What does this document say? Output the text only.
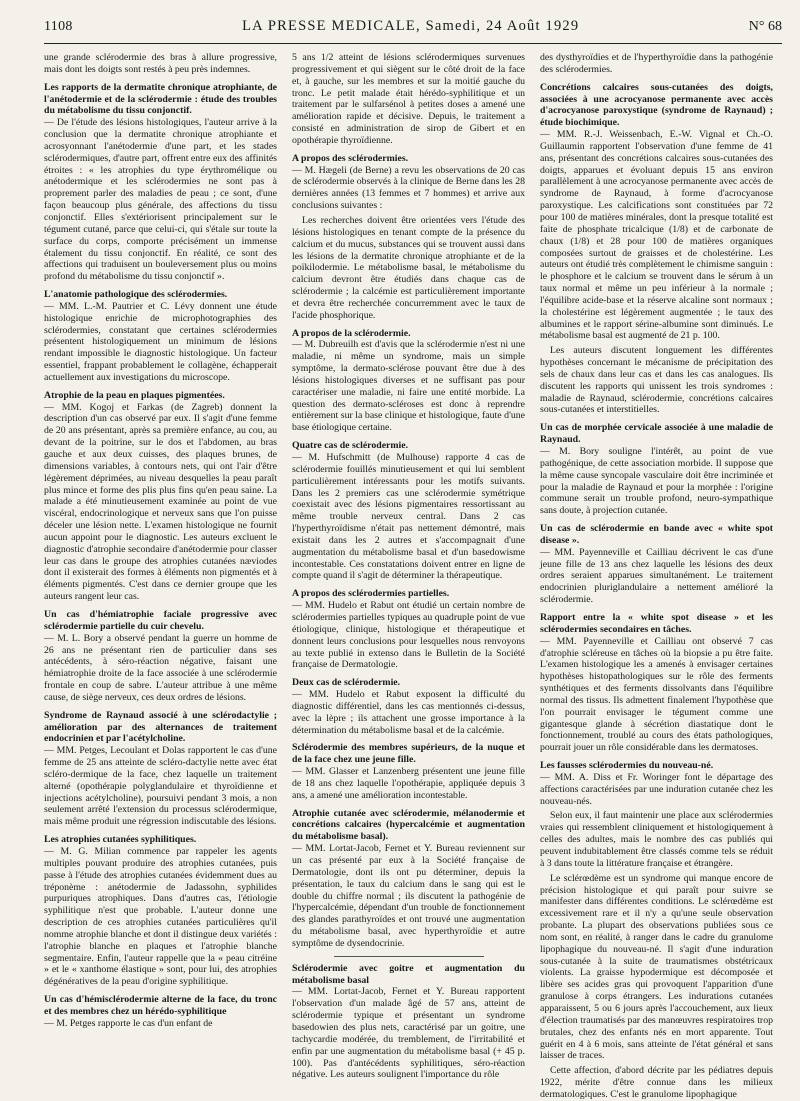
1108	LA PRESSE MEDICALE, Samedi, 24 Août 1929	N° 68

une grande sclérodermie des bras à allure progressive, mais dont les doigts sont restés à peu près indemnes.

Les rapports de la dermatite chronique atrophiante, de l'anétodermie et de la sclérodermie : étude des troubles du métabolisme du tissu conjonctif.

— De l'étude des lésions histologiques, l'auteur arrive à la conclusion que la dermatite chronique atrophiante et acrosyonnant l'anétodermie d'une part, et les stades sclérodermiques, d'autre part, offrent entre eux des affinités étroites : « les atrophies du type érythromélique ou anétodermique et les sclérodermies ne sont pas à proprement parler des maladies de peau ; ce sont, d'une façon beaucoup plus générale, des affections du tissu conjonctif. Elles s'extériorisent principalement sur le tégument cutané, parce que celui-ci, qui s'étale sur toute la surface du corps, comporte précisément un immense étalement du tissu conjonctif. En réalité, ce sont des affections qui traduisent un bouleversement plus ou moins profond du métabolisme du tissu conjonctif ».

L'anatomie pathologique des sclérodermies.

— MM. L.-M. Pautrier et C. Lévy donnent une étude histologique enrichie de microphotographies des sclérodermies, constatant que certaines sclérodermies présentent histologiquement un minimum de lésions rendant impossible le diagnostic histologique. Un facteur essentiel, frappant probablement le collagène, échapperait actuellement aux investigations du microscope.

Atrophie de la peau en plaques pigmentées.

— MM. Kogoj et Farkas (de Zagreb) donnent la description d'un cas observé par eux. Il s'agit d'une femme de 20 ans présentant, après sa première enfance, au cou, au devant de la poitrine, sur le dos et l'abdomen, au bras gauche et aux deux cuisses, des plaques brunes, de dimensions variables, à contours nets, qui ont l'air d'être légèrement déprimées, au niveau desquelles la peau paraît plus mince et forme des plis plus fins qu'en peau saine. La malade a été minutieusement examinée au point de vue viscéral, endocrinologique et nerveux sans que l'on puisse déceler une lésion nette. L'examen histologique ne fournit aucun appoint pour le diagnostic. Les auteurs excluent le diagnostic d'atrophie secondaire d'anétodermie pour classer leur cas dans le groupe des atrophies cutanées næviodes dont il existerait des formes à éléments non pigmentés et à éléments pigmentés. C'est dans ce dernier groupe que les auteurs rangent leur cas.

Un cas d'hémiatrophie faciale progressive avec sclérodermie partielle du cuir chevelu.

— M. L. Bory a observé pendant la guerre un homme de 26 ans ne présentant rien de particulier dans ses antécédents, à séro-réaction négative, faisant une hémiatrophie droite de la face associée à une sclérodermie frontale en coup de sabre. L'auteur attribue à une même cause, de siège nerveux, ces deux ordres de lésions.

Syndrome de Raynaud associé à une sclérodactylie ; amélioration par des alternances de traitement endocrinien et par l'acétylcholine.

— MM. Petges, Lecoulant et Dolas rapportent le cas d'une femme de 25 ans atteinte de scléro-dactylie nette avec état scléro-dermique de la face, chez laquelle un traitement alterné (opothérapie polyglandulaire et thyroïdienne et injections acétylcholine), poursuivi pendant 3 mois, a non seulement arrêté l'extension du processus sclérodermique, mais même produit une régression indiscutable des lésions.

Les atrophies cutanées syphilitiques.

— M. G. Milian commence par rappeler les agents multiples pouvant produire des atrophies cutanées, puis passe à l'étude des atrophies cutanées évidemment dues au tréponème : anétodermie de Jadassohn, syphilides purpuriques atrophiques. Dans d'autres cas, l'étiologie syphilitique n'est que probable. L'auteur donne une description de ces atrophies cutanées particulières qu'il nomme atrophie blanche et dont il distingue deux variétés : l'atrophie blanche en plaques et l'atrophie blanche segmentaire. Enfin, l'auteur rappelle que la « peau citréine » et le « xanthome élastique » sont, pour lui, des atrophies dégénératives de la peau d'origine syphilitique.

Un cas d'hémisclérodermie alterne de la face, du tronc et des membres chez un hérédo-syphilitique

— M. Petges rapporte le cas d'un enfant de

5 ans 1/2 atteint de lésions sclérodermiques survenues progressivement et qui siègent sur le côté droit de la face et, à gauche, sur les membres et sur la moitié gauche du tronc. Le petit malade était hérédo-syphilitique et un traitement par le sulfarsénol à petites doses a amené une amélioration rapide et décisive. Depuis, le traitement a consisté en administration de sirop de Gibert et en opothérapie thyroïdienne.

A propos des sclérodermies.

— M. Hægeli (de Berne) a revu les observations de 20 cas de sclérodermie observés à la clinique de Berne dans les 28 dernières années (13 femmes et 7 hommes) et arrive aux conclusions suivantes :

Les recherches doivent être orientées vers l'étude des lésions histologiques en tenant compte de la présence du calcium et du mucus, substances qui se trouvent aussi dans les lésions de la dermatite chronique atrophiante et de la poïkilodermie. Le métabolisme basal, le métabolisme du calcium devront être étudiés dans chaque cas de sclérodermie ; la calcémie est particulièrement importante et devra être recherchée concurremment avec le taux de l'acide phosphorique.

A propos de la sclérodermie.

— M. Dubreuilh est d'avis que la sclérodermie n'est ni une maladie, ni même un syndrome, mais un simple symptôme, la dermato-sclérose pouvant être due à des lésions histologiques diverses et ne suffisant pas pour caractériser une maladie, ni faire une entité morbide. La question des dermato-scléroses est donc à reprendre entièrement sur la base clinique et histologique, faute d'une base étiologique certaine.

Quatre cas de sclérodermie.

— M. Hufschmitt (de Mulhouse) rapporte 4 cas de sclérodermie fouillés minutieusement et qui lui semblent particulièrement intéressants pour les motifs suivants. Dans les 2 premiers cas une sclérodermie symétrique coexistait avec des lésions pigmentaires ressortissant au même trouble nerveux central. Dans 2 cas l'hyperthyroïdisme n'était pas nettement démontré, mais existait dans les 2 autres et s'accompagnait d'une augmentation du métabolisme basal et d'un basedowisme incontestable. Ces constatations doivent entrer en ligne de compte quand il s'agit de déterminer la thérapeutique.

A propos des sclérodermies partielles.

— MM. Hudelo et Rabut ont étudié un certain nombre de sclérodermies partielles typiques au quadruple point de vue étiologique, clinique, histologique et thérapeutique et donnent leurs conclusions pour lesquelles nous renvoyons au texte publié in extenso dans le Bulletin de la Société française de Dermatologie.

Deux cas de sclérodermie.

— MM. Hudelo et Rabut exposent la difficulté du diagnostic différentiel, dans les cas mentionnés ci-dessus, avec la lèpre ; ils attachent une grosse importance à la détermination du métabolisme basal et de la calcémie.

Sclérodermie des membres supérieurs, de la nuque et de la face chez une jeune fille.

— MM. Glasser et Lanzenberg présentent une jeune fille de 18 ans chez laquelle l'opothérapie, appliquée depuis 3 ans, a amené une amélioration incontestable.

Atrophie cutanée avec sclérodermie, mélanodermie et concrétions calcaires (hypercalcémie et augmentation du métabolisme basal).

— MM. Lortat-Jacob, Fernet et Y. Bureau reviennent sur un cas présenté par eux à la Société française de Dermatologie, dont ils ont pu déterminer, depuis la présentation, le taux du calcium dans le sang qui est le double du chiffre normal ; ils discutent la pathogénie de l'hypercalcémie, dépendant d'un trouble de fonctionnement des glandes parathyroïdes et ont trouvé une augmentation du métabolisme basal, avec hyperthyroïdie et autre symptôme de dysendocrinie.

Sclérodermie avec goitre et augmentation du métabolisme basal

— MM. Lortat-Jacob, Fernet et Y. Bureau rapportent l'observation d'un malade âgé de 57 ans, atteint de sclérodermie typique et présentant un syndrome basedowien des plus nets, caractérisé par un goitre, une tachycardie modérée, du tremblement, de l'irritabilité et enfin par une augmentation du métabolisme basal (+ 45 p. 100). Pas d'antécédents syphilitiques, séro-réaction négative. Les auteurs soulignent l'importance du rôle

des dysthyroïdies et de l'hyperthyroïdie dans la pathogénie des sclérodermies.

Concrétions calcaires sous-cutanées des doigts, associées à une acrocyanose permanente avec accès d'acrocyanose paroxystique (syndrome de Raynaud) ; étude biochimique.

— MM. R.-J. Weissenbach, E.-W. Vignal et Ch.-O. Guillaumin rapportent l'observation d'une femme de 41 ans, présentant des concrétions calcaires sous-cutanées des doigts, apparues et évoluant depuis 15 ans environ parallèlement à une acrocyanose permanente avec accès de syndrome de Raynaud, à forme d'acrocyanose paroxystique. Les calcifications sont constituées par 72 pour 100 de matières minérales, dont la presque totalité est faite de phosphate tricalcique (1/8) et de carbonate de chaux (1/8) et 28 pour 100 de matières organiques composées surtout de graisses et de cholestérine. Les auteurs ont étudié très complètement le chimisme sanguin : le phosphore et le calcium se trouvent dans le sérum à un taux normal et même un peu inférieur à la normale ; l'équilibre acide-base et la réserve alcaline sont normaux ; la cholestérine est légèrement augmentée ; le taux des albumines et le rapport sérine-albumine sont diminués. Le métabolisme basal est augmenté de 21 p. 100.

Les auteurs discutent longuement les différentes hypothèses concernant le mécanisme de précipitation des sels de chaux dans leur cas et dans les cas analogues. Ils discutent les rapports qui unissent les trois syndromes : maladie de Raynaud, sclérodermie, concrétions calcaires sous-cutanées et interstitielles.

Un cas de morphée cervicale associée à une maladie de Raynaud.

— M. Bory souligne l'intérêt, au point de vue pathogénique, de cette association morbide. Il suppose que la même cause syncopale vasculaire doit être incriminée et pour la maladie de Raynaud et pour la morphée : l'origine commune serait un trouble profond, neuro-sympathique sans doute, à projection cutanée.

Un cas de sclérodermie en bande avec « white spot disease ».

— MM. Payenneville et Cailliau décrivent le cas d'une jeune fille de 13 ans chez laquelle les lésions des deux ordres seraient apparues simultanément. Le traitement endocrinien pluriglandulaire a nettement amélioré la sclérodermie.

Rapport entre la « white spot disease » et les sclérodermies secondaires en tâches.

— MM. Payenneville et Cailliau ont observé 7 cas d'atrophie scléreuse en tâches où la biopsie a pu être faite. L'examen histologique les a amenés à envisager certaines hypothèses histopathologiques sur le rôle des ferments synthétiques et des ferments dissolvants dans l'équilibre normal des tissus. Ils admettent finalement l'hypothèse que l'on pourrait envisager le tégument comme une gigantesque glande à sécrétion diastatique dont le fonctionnement, troublé au cours des états pathologiques, pourrait jouer un rôle considérable dans les dermatoses.

Les fausses sclérodermies du nouveau-né.

— MM. A. Diss et Fr. Woringer font le départage des affections caractérisées par une induration cutanée chez les nouveau-nés.

Selon eux, il faut maintenir une place aux sclérodermies vraies qui ressemblent cliniquement et histologiquement à celles des adultes, mais le nombre des cas publiés qui peuvent indubitablement être classés comme tels se réduit à 3 dans toute la littérature française et étrangère.

Le sclérœdème est un syndrome qui manque encore de précision histologique et qui paraît pour suivre se manifester dans différentes conditions. Le sclérœdème est excessivement rare et il n'y a qu'une seule observation probante. La plupart des observations publiées sous ce nom sont, en réalité, à ranger dans le cadre du granulome lipophagique du nouveau-né. Il s'agit d'une induration sous-cutanée à la suite de traumatismes obstétricaux violents. La graisse hypodermique est décomposée et libère ses acides gras qui provoquent l'apparition d'une granulose à corps étrangers. Les indurations cutanées apparaissent, 5 ou 6 jours après l'accouchement, aux lieux d'élection traumatisés par des manœuvres respiratoires trop brutales, chez des enfants nés en mort apparente. Tout guérit en 4 à 6 mois, sans atteinte de l'état général et sans laisser de traces.

Cette affection, d'abord décrite par les pédiatres depuis 1922, mérite d'être connue dans les milieux dermatologiques. C'est le granulome lipophagique
